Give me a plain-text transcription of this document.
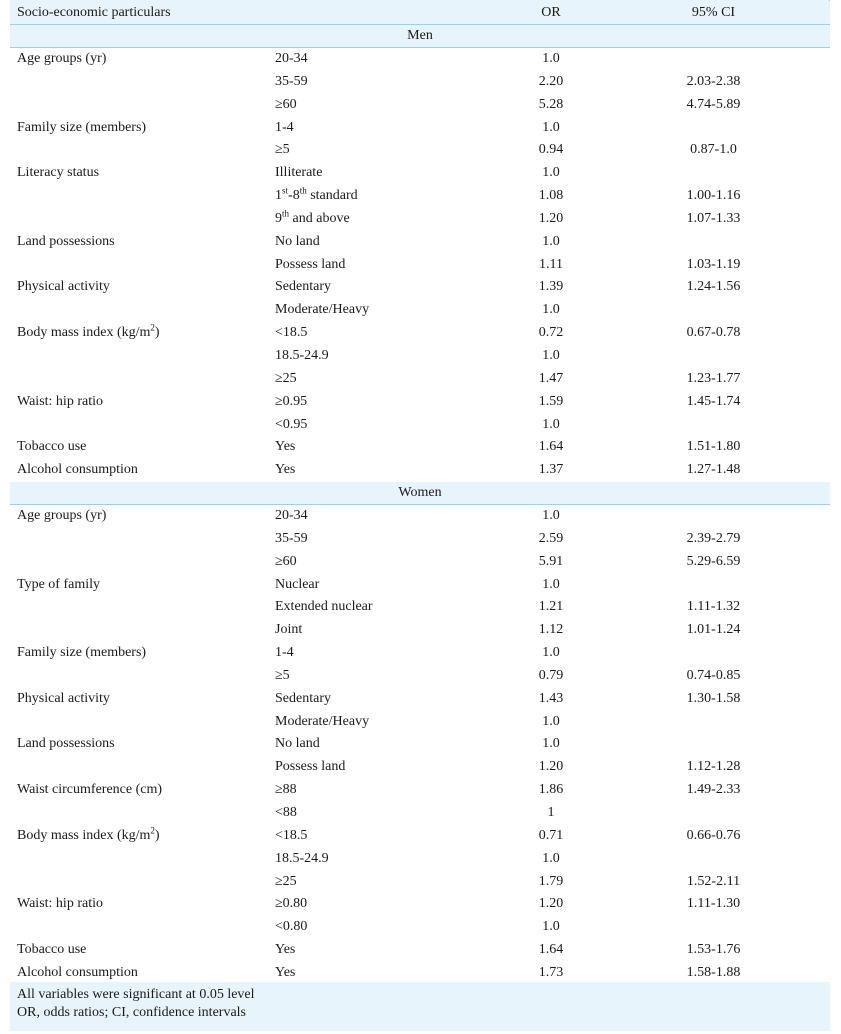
Socio-economic particulars		OR	95% CI
Men			
Age groups (yr)	20-34	1.0	
	35-59	2.20	2.03-2.38
	≥60	5.28	4.74-5.89
Family size (members)	1-4	1.0	
	≥5	0.94	0.87-1.0
Literacy status	Illiterate	1.0	
	1st-8th standard	1.08	1.00-1.16
	9th and above	1.20	1.07-1.33
Land possessions	No land	1.0	
	Possess land	1.11	1.03-1.19
Physical activity	Sedentary	1.39	1.24-1.56
	Moderate/Heavy	1.0	
Body mass index $(kg/m^2)$	<18.5	0.72	0.67-0.78
	18.5-24.9	1.0	
	≥25	1.47	1.23-1.77
Waist: hip ratio	≥0.95	1.59	1.45-1.74
	<0.95	1.0	
Tobacco use	Yes	1.64	1.51-1.80
Alcohol consumption	Yes	1.37	1.27-1.48
Women			
Age groups (yr)	20-34	1.0	
	35-59	2.59	2.39-2.79
	≥60	5.91	5.29-6.59
Type of family	Nuclear	1.0	
	Extended nuclear	1.21	1.11-1.32
	Joint	1.12	1.01-1.24
Family size (members)	1-4	1.0	
	≥5	0.79	0.74-0.85
Physical activity	Sedentary	1.43	1.30-1.58
	Moderate/Heavy	1.0	
Land possessions	No land	1.0	
	Possess land	1.20	1.12-1.28
Waist circumference (cm)	≥88	1.86	1.49-2.33
	<88	1	
Body mass index $(kg/m^2)$	<18.5	0.71	0.66-0.76
	18.5-24.9	1.0	
	≥25	1.79	1.52-2.11
Waist: hip ratio	≥0.80	1.20	1.11-1.30
	<0.80	1.0	
Tobacco use	Yes	1.64	1.53-1.76
Alcohol consumption	Yes	1.73	1.58-1.88
All variables were significant at 0.05 level
OR, odds ratios; CI, confidence intervals
